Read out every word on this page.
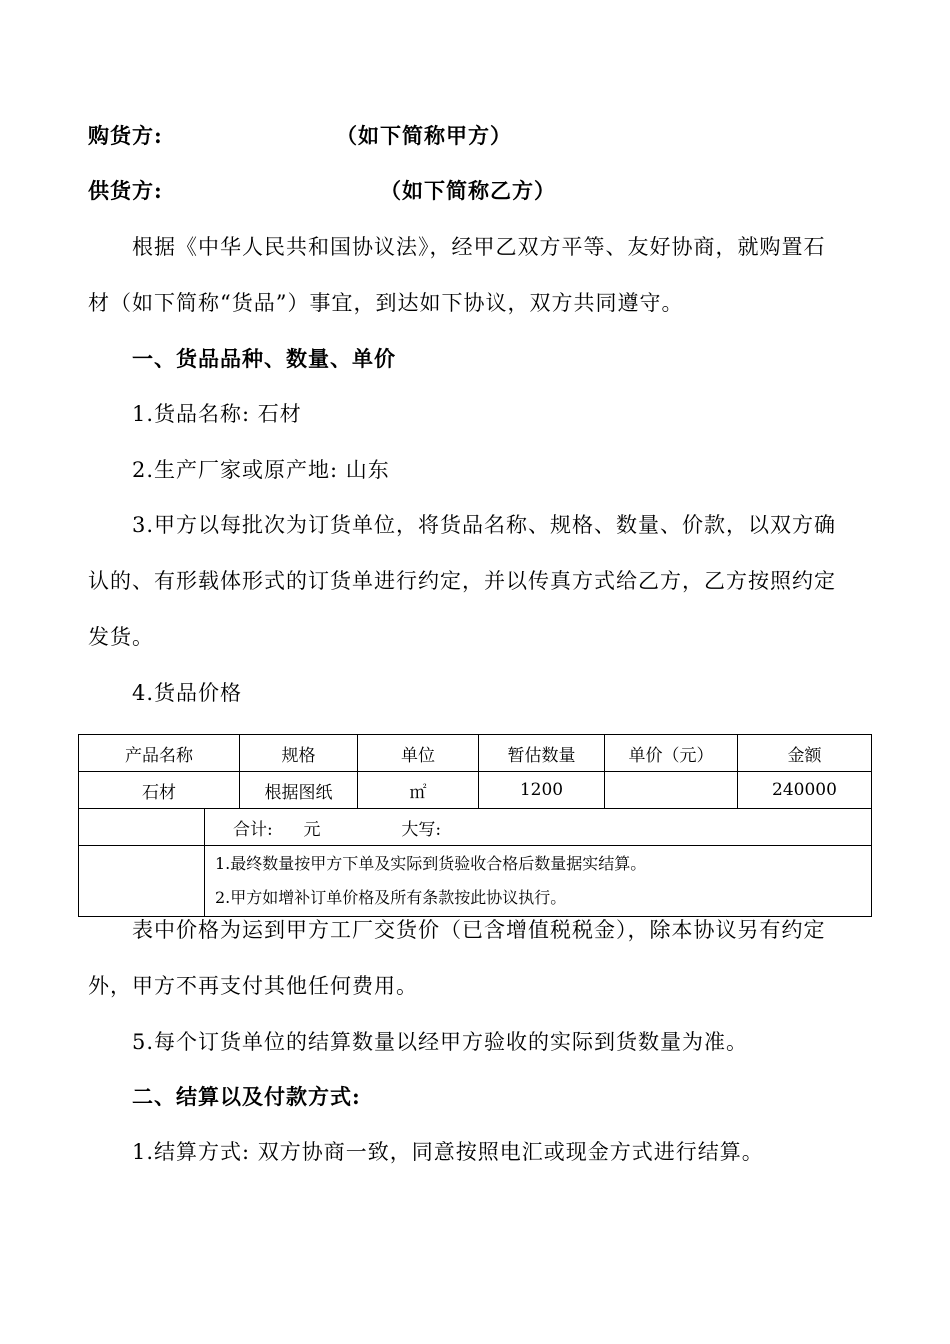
购货方:	（如下简称甲方）
供货方:	（如下简称乙方）
根据《中华人民共和国协议法》，经甲乙双方平等、友好协商，就购置石
材（如下简称“货品”）事宜，到达如下协议，双方共同遵守。
一、货品品种、数量、单价
1.货品名称: 石材
2.生产厂家或原产地: 山东
3.甲方以每批次为订货单位，将货品名称、规格、数量、价款，以双方确
认的、有形载体形式的订货单进行约定，并以传真方式给乙方，乙方按照约定
发货。
4.货品价格
产品名称		规格	单位	暂估数量	单价（元）	金额
石材		根据图纸	㎡	1200		240000
	合计: 元 大写:					

	1.最终数量按甲方下单及实际到货验收合格后数量据实结算。
2.甲方如增补订单价格及所有条款按此协议执行。					
表中价格为运到甲方工厂交货价（已含增值税税金），除本协议另有约定
外，甲方不再支付其他任何费用。
5.每个订货单位的结算数量以经甲方验收的实际到货数量为准。
二、结算以及付款方式:
1.结算方式: 双方协商一致，同意按照电汇或现金方式进行结算。
